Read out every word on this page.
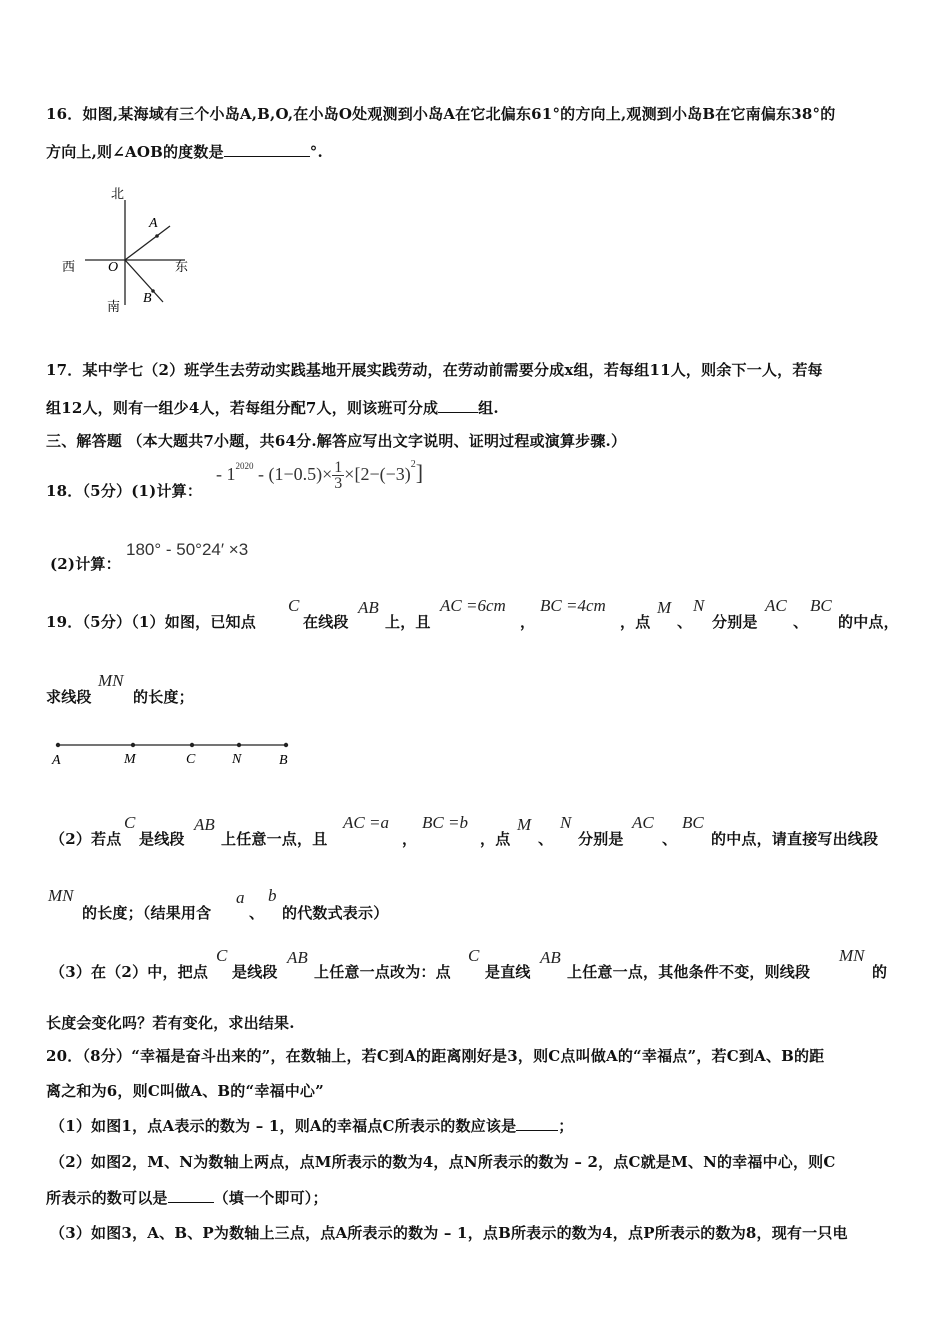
16．如图,某海域有三个小岛A,B,O,在小岛O处观测到小岛A在它北偏东61°的方向上,观测到小岛B在它南偏东38°的
方向上,则∠AOB的度数是	°.
北
南
西	东
O
A
B
17．某中学七（2）班学生去劳动实践基地开展实践劳动，在劳动前需要分成x组，若每组11人，则余下一人，若每
组12人，则有一组少4人，若每组分配7人，则该班可分成	组.
三、解答题 （本大题共7小题，共64分.解答应写出文字说明、证明过程或演算步骤.）
18．（5分）(1)计算：
- $1^{2020} - (1-0.5)\times \frac{1}{3} \times[2-(-3)^2]$
(2)计算：
180° - 50°24′ ×3
19．（5分）（1）如图，已知点
C
在线段
AB
上，且
AC =6cm
，
BC =4cm
，点
M
、
N
分别是
AC
、
BC
的中点，
求线段
MN
的长度；
A	M	C	N	B
（2）若点
C
是线段
AB
上任意一点，且
AC =a
，
BC =b
，点
M
、
N
分别是
AC
、
BC
的中点，请直接写出线段
MN
的长度；（结果用含
a
、
b
的代数式表示）
（3）在（2）中，把点
C
是线段
AB
上任意一点改为：点
C
是直线
AB
上任意一点，其他条件不变，则线段
MN
的
长度会变化吗？若有变化，求出结果.
20．（8分）“幸福是奋斗出来的”，在数轴上，若C到A的距离刚好是3，则C点叫做A的“幸福点”，若C到A、B的距
离之和为6，则C叫做A、B的“幸福中心”
（1）如图1，点A表示的数为 – 1，则A的幸福点C所表示的数应该是	；
（2）如图2，M、N为数轴上两点，点M所表示的数为4，点N所表示的数为 – 2，点C就是M、N的幸福中心，则C
所表示的数可以是	（填一个即可）；
（3）如图3，A、B、P为数轴上三点，点A所表示的数为 – 1，点B所表示的数为4，点P所表示的数为8，现有一只电
